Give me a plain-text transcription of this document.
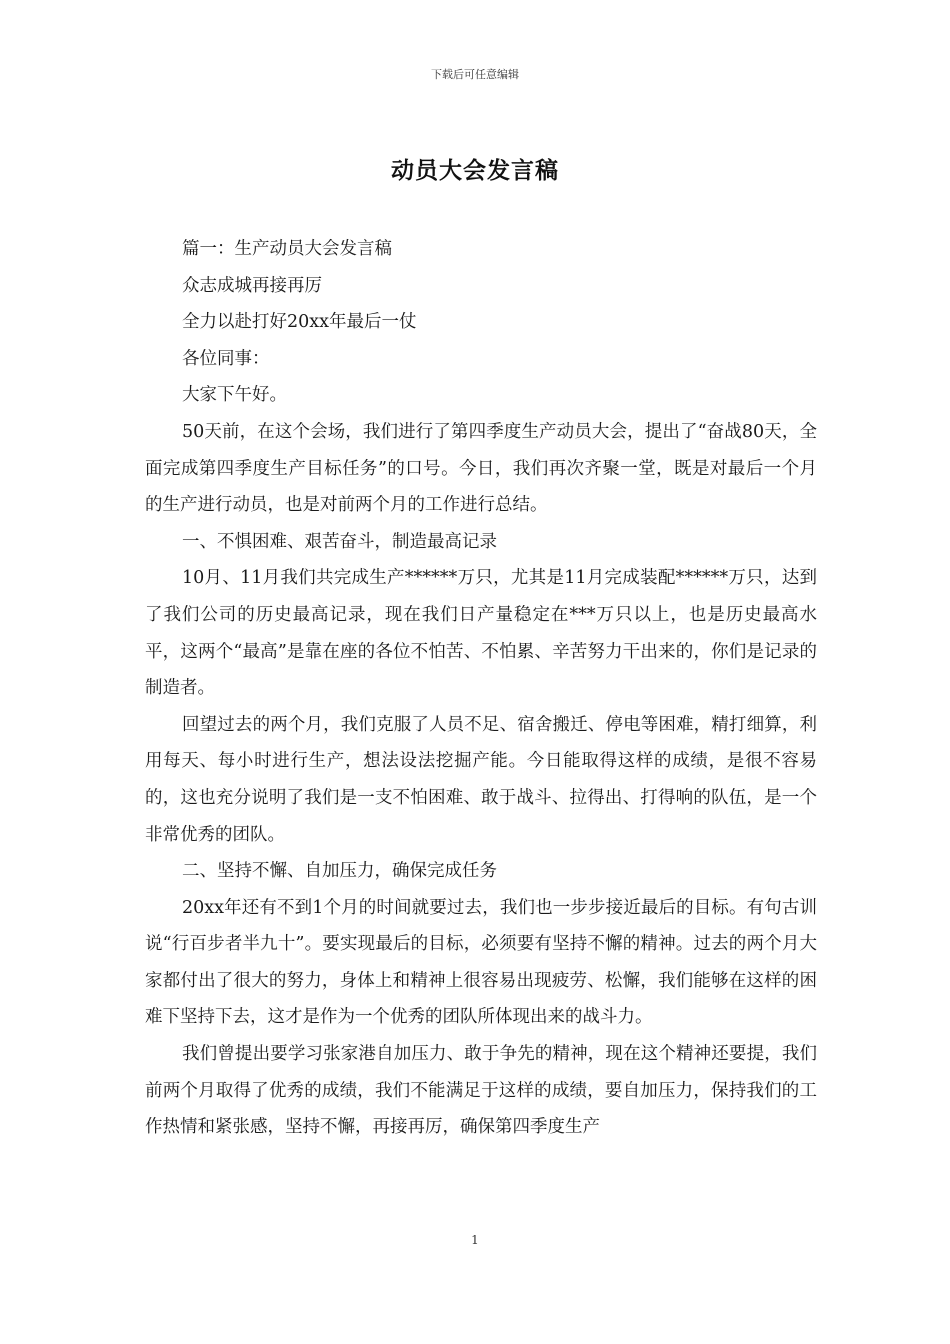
下载后可任意编辑
动员大会发言稿

篇一：生产动员大会发言稿

众志成城再接再厉

全力以赴打好20xx年最后一仗

各位同事：

大家下午好。

50天前，在这个会场，我们进行了第四季度生产动员大会，提出了“奋战80天，全面完成第四季度生产目标任务”的口号。今日，我们再次齐聚一堂，既是对最后一个月的生产进行动员，也是对前两个月的工作进行总结。

一、不惧困难、艰苦奋斗，制造最高记录

10月、11月我们共完成生产******万只，尤其是11月完成装配******万只，达到了我们公司的历史最高记录，现在我们日产量稳定在***万只以上，也是历史最高水平，这两个“最高”是靠在座的各位不怕苦、不怕累、辛苦努力干出来的，你们是记录的制造者。

回望过去的两个月，我们克服了人员不足、宿舍搬迁、停电等困难，精打细算，利用每天、每小时进行生产，想法设法挖掘产能。今日能取得这样的成绩，是很不容易的，这也充分说明了我们是一支不怕困难、敢于战斗、拉得出、打得响的队伍，是一个非常优秀的团队。

二、坚持不懈、自加压力，确保完成任务

20xx年还有不到1个月的时间就要过去，我们也一步步接近最后的目标。有句古训说“行百步者半九十”。要实现最后的目标，必须要有坚持不懈的精神。过去的两个月大家都付出了很大的努力，身体上和精神上很容易出现疲劳、松懈，我们能够在这样的困难下坚持下去，这才是作为一个优秀的团队所体现出来的战斗力。

我们曾提出要学习张家港自加压力、敢于争先的精神，现在这个精神还要提，我们前两个月取得了优秀的成绩，我们不能满足于这样的成绩，要自加压力，保持我们的工作热情和紧张感，坚持不懈，再接再厉，确保第四季度生产

1
